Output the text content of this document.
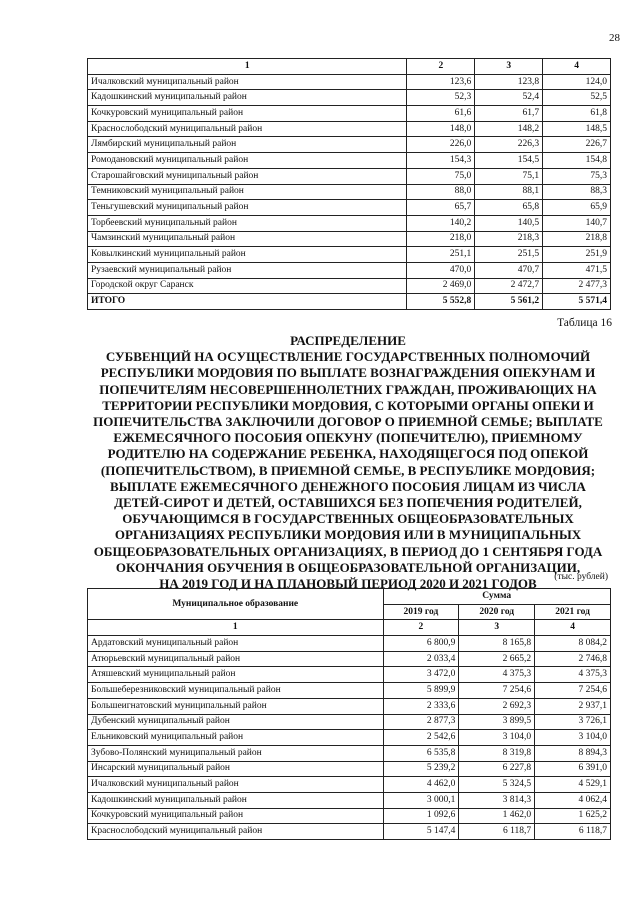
28
1	2	3	4
Ичалковский муниципальный район	123,6	123,8	124,0
Кадошкинский муниципальный район	52,3	52,4	52,5
Кочкуровский муниципальный район	61,6	61,7	61,8
Краснослободский муниципальный район	148,0	148,2	148,5
Лямбирский муниципальный район	226,0	226,3	226,7
Ромодановский муниципальный район	154,3	154,5	154,8
Старошайговский муниципальный район	75,0	75,1	75,3
Темниковский муниципальный район	88,0	88,1	88,3
Теньгушевский муниципальный район	65,7	65,8	65,9
Торбеевский муниципальный район	140,2	140,5	140,7
Чамзинский муниципальный район	218,0	218,3	218,8
Ковылкинский муниципальный район	251,1	251,5	251,9
Рузаевский муниципальный район	470,0	470,7	471,5
Городской округ Саранск	2 469,0	2 472,7	2 477,3
ИТОГО	5 552,8	5 561,2	5 571,4
Таблица 16
РАСПРЕДЕЛЕНИЕ
СУБВЕНЦИЙ НА ОСУЩЕСТВЛЕНИЕ ГОСУДАРСТВЕННЫХ ПОЛНОМОЧИЙ
РЕСПУБЛИКИ МОРДОВИЯ ПО ВЫПЛАТЕ ВОЗНАГРАЖДЕНИЯ ОПЕКУНАМ И
ПОПЕЧИТЕЛЯМ НЕСОВЕРШЕННОЛЕТНИХ ГРАЖДАН, ПРОЖИВАЮЩИХ НА
ТЕРРИТОРИИ РЕСПУБЛИКИ МОРДОВИЯ, С КОТОРЫМИ ОРГАНЫ ОПЕКИ И
ПОПЕЧИТЕЛЬСТВА ЗАКЛЮЧИЛИ ДОГОВОР О ПРИЕМНОЙ СЕМЬЕ; ВЫПЛАТЕ
ЕЖЕМЕСЯЧНОГО ПОСОБИЯ ОПЕКУНУ (ПОПЕЧИТЕЛЮ), ПРИЕМНОМУ
РОДИТЕЛЮ НА СОДЕРЖАНИЕ РЕБЕНКА, НАХОДЯЩЕГОСЯ ПОД ОПЕКОЙ
(ПОПЕЧИТЕЛЬСТВОМ), В ПРИЕМНОЙ СЕМЬЕ, В РЕСПУБЛИКЕ МОРДОВИЯ;
ВЫПЛАТЕ ЕЖЕМЕСЯЧНОГО ДЕНЕЖНОГО ПОСОБИЯ ЛИЦАМ ИЗ ЧИСЛА
ДЕТЕЙ-СИРОТ И ДЕТЕЙ, ОСТАВШИХСЯ БЕЗ ПОПЕЧЕНИЯ РОДИТЕЛЕЙ,
ОБУЧАЮЩИМСЯ В ГОСУДАРСТВЕННЫХ ОБЩЕОБРАЗОВАТЕЛЬНЫХ
ОРГАНИЗАЦИЯХ РЕСПУБЛИКИ МОРДОВИЯ ИЛИ В МУНИЦИПАЛЬНЫХ
ОБЩЕОБРАЗОВАТЕЛЬНЫХ ОРГАНИЗАЦИЯХ, В ПЕРИОД ДО 1 СЕНТЯБРЯ ГОДА
ОКОНЧАНИЯ ОБУЧЕНИЯ В ОБЩЕОБРАЗОВАТЕЛЬНОЙ ОРГАНИЗАЦИИ,
НА 2019 ГОД И НА ПЛАНОВЫЙ ПЕРИОД 2020 И 2021 ГОДОВ	(тыс. рублей)
Муниципальное образование	Сумма		
	2019 год	2020 год	2021 год
1	2	3	4
Ардатовский муниципальный район	6 800,9	8 165,8	8 084,2
Атюрьевский муниципальный район	2 033,4	2 665,2	2 746,8
Атяшевский муниципальный район	3 472,0	4 375,3	4 375,3
Большеберезниковский муниципальный район	5 899,9	7 254,6	7 254,6
Большеигнатовский муниципальный район	2 333,6	2 692,3	2 937,1
Дубенский муниципальный район	2 877,3	3 899,5	3 726,1
Ельниковский муниципальный район	2 542,6	3 104,0	3 104,0
Зубово-Полянский муниципальный район	6 535,8	8 319,8	8 894,3
Инсарский муниципальный район	5 239,2	6 227,8	6 391,0
Ичалковский муниципальный район	4 462,0	5 324,5	4 529,1
Кадошкинский муниципальный район	3 000,1	3 814,3	4 062,4
Кочкуровский муниципальный район	1 092,6	1 462,0	1 625,2
Краснослободский муниципальный район	5 147,4	6 118,7	6 118,7
